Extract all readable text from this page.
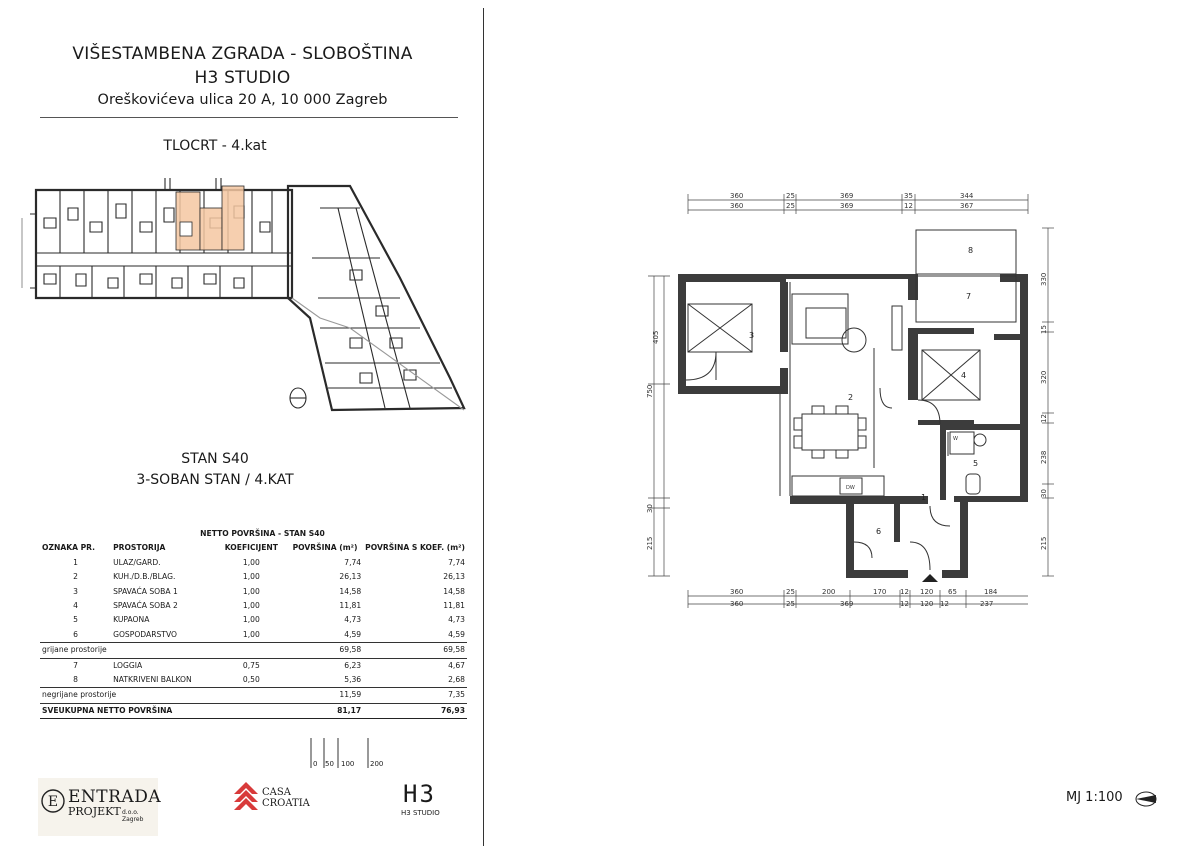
VIŠESTAMBENA ZGRADA - SLOBOŠTINA
H3 STUDIO
Oreškovićeva ulica 20 A, 10 000 Zagreb
TLOCRT - 4.kat
STAN S40
3-SOBAN STAN / 4.KAT
NETTO POVRŠINA - STAN S40				
OZNAKA PR.	PROSTORIJA	KOEFICIJENT	POVRŠINA (m²)	POVRŠINA S KOEF. (m²)
1	ULAZ/GARD.	1,00	7,74	7,74
2	KUH./D.B./BLAG.	1,00	26,13	26,13
3	SPAVAĆA SOBA 1	1,00	14,58	14,58
4	SPAVAĆA SOBA 2	1,00	11,81	11,81
5	KUPAONA	1,00	4,73	4,73
6	GOSPODARSTVO	1,00	4,59	4,59
grijane prostorije			69,58	69,58
7	LOGGIA	0,75	6,23	4,67
8	NATKRIVENI BALKON	0,50	5,36	2,68
negrijane prostorije			11,59	7,35
SVEUKUPNA NETTO POVRŠINA			81,17	76,93
0 50 100 200
E ENTRADA
PROJEKT d.o.o. Zagreb
CASA
CROATIA	H3
H3 STUDIO
360	25	369	35	344
360	25	369	12	367
360	25	200	170 12 120 65	184
360	25	369	12 120 12	237
405
750
30
215
330
15
320
12
238
30
215
8
7
3
4
2
5
1
6
DW
W
MJ 1:100
